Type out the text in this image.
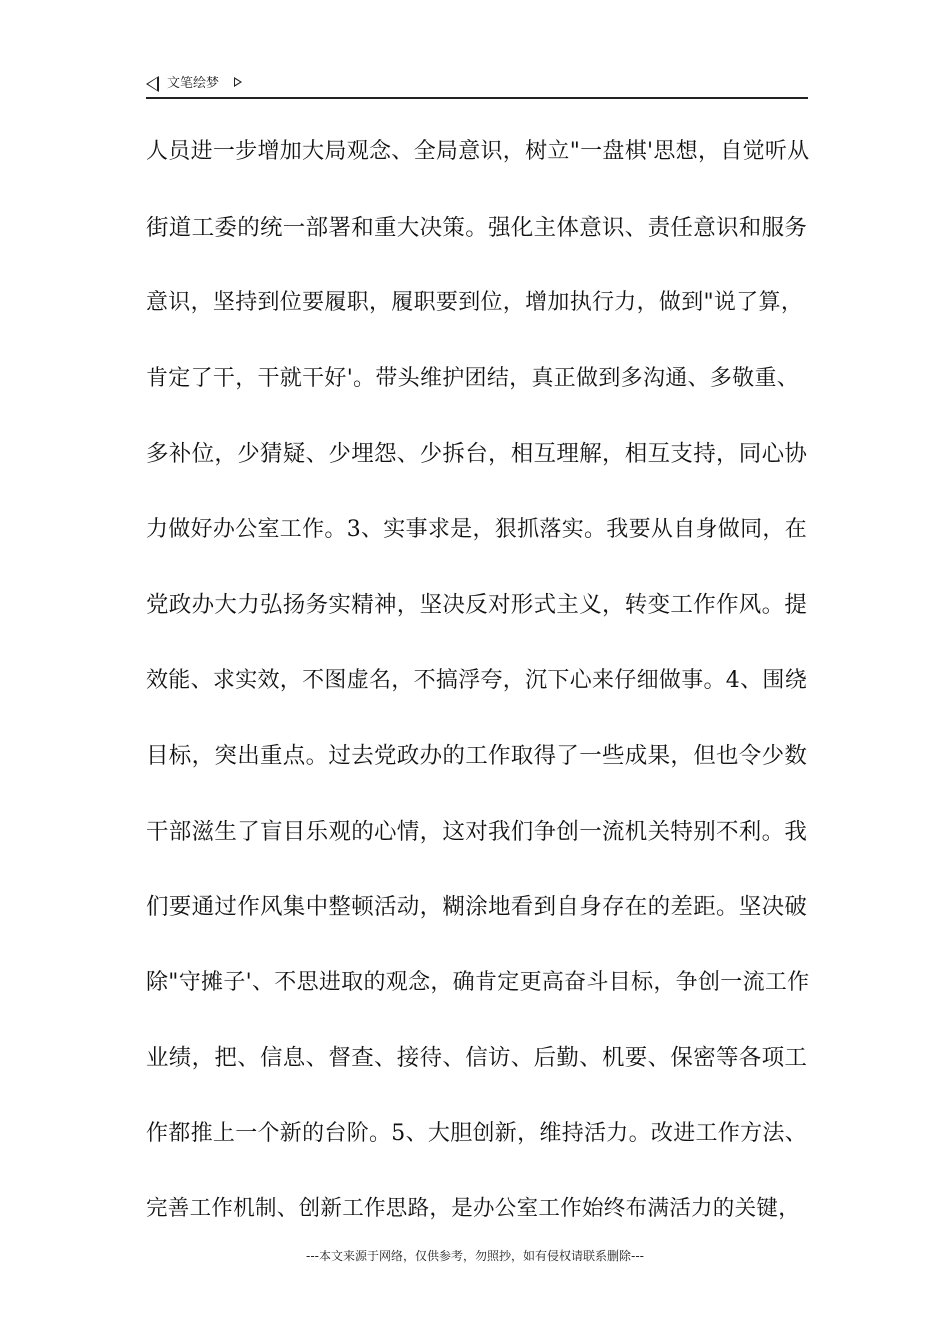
文笔绘梦
人员进一步增加大局观念、全局意识，树立"一盘棋'思想，自觉听从
街道工委的统一部署和重大决策。强化主体意识、责任意识和服务
意识，坚持到位要履职，履职要到位，增加执行力，做到"说了算，
肯定了干，干就干好'。带头维护团结，真正做到多沟通、多敬重、
多补位，少猜疑、少埋怨、少拆台，相互理解，相互支持，同心协
力做好办公室工作。3、实事求是，狠抓落实。我要从自身做同，在
党政办大力弘扬务实精神，坚决反对形式主义，转变工作作风。提
效能、求实效，不图虚名，不搞浮夸，沉下心来仔细做事。4、围绕
目标，突出重点。过去党政办的工作取得了一些成果，但也令少数
干部滋生了盲目乐观的心情，这对我们争创一流机关特别不利。我
们要通过作风集中整顿活动，糊涂地看到自身存在的差距。坚决破
除"守摊子'、不思进取的观念，确肯定更高奋斗目标，争创一流工作
业绩，把、信息、督查、接待、信访、后勤、机要、保密等各项工
作都推上一个新的台阶。5、大胆创新，维持活力。改进工作方法、
完善工作机制、创新工作思路，是办公室工作始终布满活力的关键，
---本文来源于网络，仅供参考，勿照抄，如有侵权请联系删除---
